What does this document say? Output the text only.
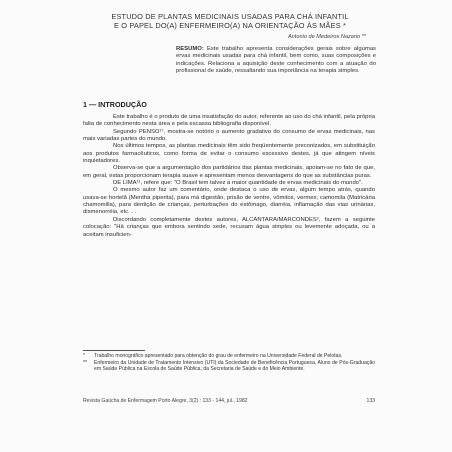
ESTUDO DE PLANTAS MEDICINAIS USADAS PARA CHÁ INFANTIL
E O PAPEL DO(A) ENFERMEIRO(A) NA ORIENTAÇÃO ÀS MÃES *
Antonio de Medeiros Nazario **
RESUMO: Este trabalho apresenta considerações gerais sobre algumas ervas medicinais usadas para chá infantil, bem como, suas composições e indicações. Relaciona a aquisição deste conhecimento com a atuação do profissional de saúde, ressaltando sua importância na terapia simples.
1 — INTRODUÇÃO

Este trabalho é o produto de uma insatisfação do autor, referente ao uso do chá infantil, pela própria falta de conhecimento nesta área e pela escassa bibliografia disponível.

Segundo PENSO¹⁷, mostra-se notório o aumento gradativo do consumo de ervas medicinais, nas mais variadas partes do mundo.

Nos últimos tempos, as plantas medicinais têm sido freqüentemente preconizados, em substituição aos produtos farmacêuticos, como forma de evitar o consumo excessivo destes, já que atingem níveis inquietadores.

Observa-se que a argumentação dos partidários das plantas medicinais, apoiam-se no fato de que, em geral, estas proporcionam terapia suave e apresentam menos desvantagens do que as substâncias puras.

DE LIMA¹¹, refere que: "O Brasil tem talvez a maior quantidade de ervas medicinais do mundo".

O mesmo autor faz um comentário, onde destaca o uso de ervas, algum tempo atrás, quando usava-se hortelã (Mentha piperita), para má digestão, prisão de ventre, vômitos, vermes; camomila (Matricária chamomilla), para dentição de crianças, perturbações do estômago, diarréia, inflamação das vias urinárias, dismenorréia, etc. . .

Discordando completamente destes autores, ALCANTARA/MARCONDES², fazem a seguinte colocação: "Há crianças que embora sentindo sede, recusam água simples ou levemente adoçada, ou a aceitam insuficien-

*	Trabalho monográfico apresentado para obtenção do grau de enfermeiro na Universidade Federal de Pelotas.
**	Enfermeiro da Unidade de Tratamento Intensivo (UTI) da Sociedade de Beneficência Portuguesa, Aluno de Pós-Graduação em Saúde Pública na Escola de Saúde Pública, da Secretaria de Saúde e do Meio Ambiente.
Revista Gaúcha de Enfermagem Porto Alegre, 3(2) : 133 - 144, jul., 1982	133
